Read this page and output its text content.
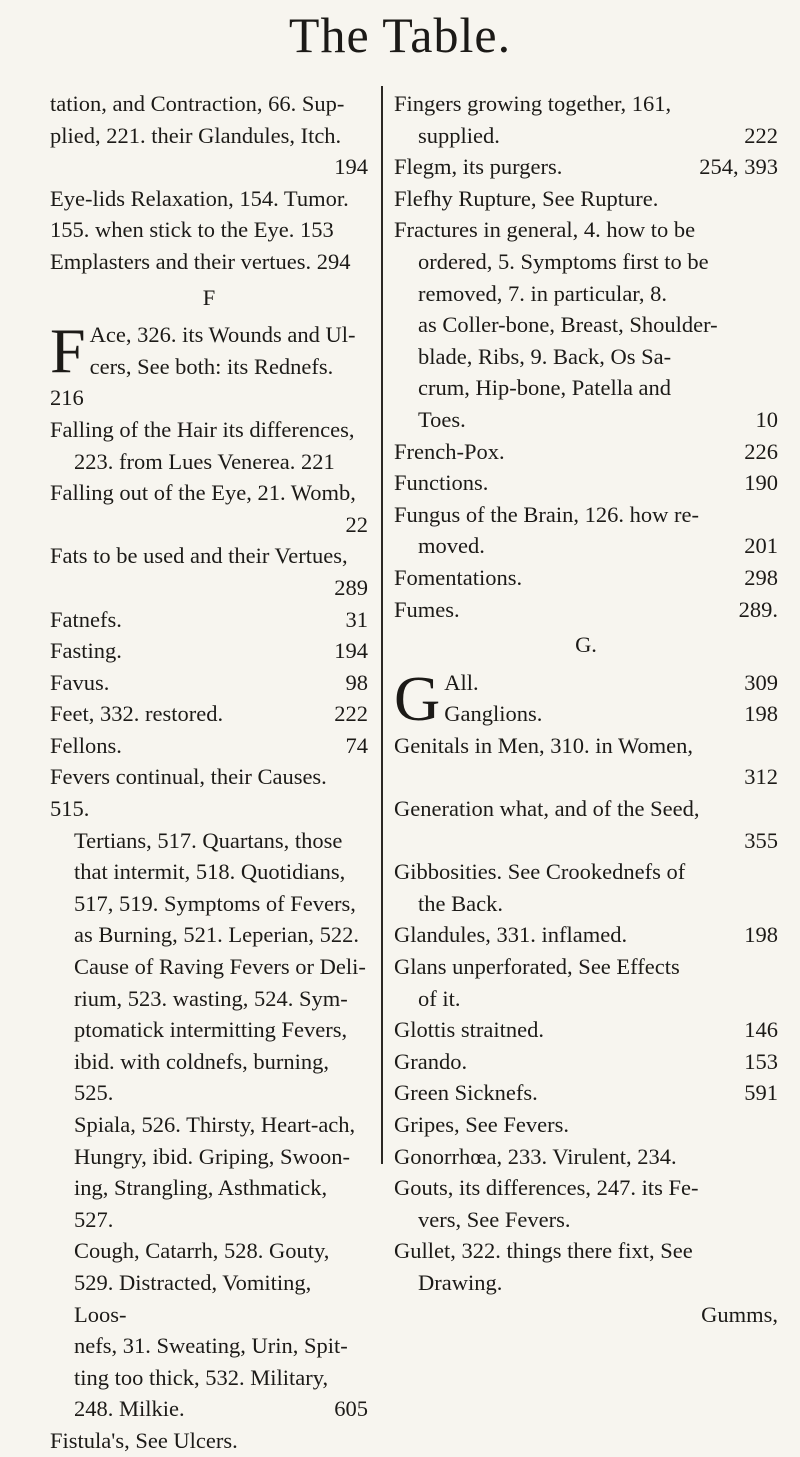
The Table.
tation, and Contraction, 66. Sup-
plied, 221. their Glandules, Itch.
194
Eye-lids Relaxation, 154. Tumor.
155. when stick to the Eye. 153
Emplasters and their vertues. 294
F
F Ace, 326. its Wounds and Ul-
cers, See both: its Rednefs. 216
Falling of the Hair its differences,
223. from Lues Venerea. 221
Falling out of the Eye, 21. Womb,
22
Fats to be used and their Vertues,
289
Fatnefs.	31
Fasting.	194
Favus.	98
Feet, 332. restored.	222
Fellons.	74
Fevers continual, their Causes. 515.
Tertians, 517. Quartans, those
that intermit, 518. Quotidians,
517, 519. Symptoms of Fevers,
as Burning, 521. Leperian, 522.
Cause of Raving Fevers or Deli-
rium, 523. wasting, 524. Sym-
ptomatick intermitting Fevers,
ibid. with coldnefs, burning, 525.
Spiala, 526. Thirsty, Heart-ach,
Hungry, ibid. Griping, Swoon-
ing, Strangling, Asthmatick, 527.
Cough, Catarrh, 528. Gouty,
529. Distracted, Vomiting, Loos-
nefs, 31. Sweating, Urin, Spit-
ting too thick, 532. Military,
248. Milkie.	605
Fistula's, See Ulcers.
Fingers growing together, 161,
supplied.	222
Flegm, its purgers.	254, 393
Flefhy Rupture, See Rupture.
Fractures in general, 4. how to be
ordered, 5. Symptoms first to be
removed, 7. in particular, 8.
as Coller-bone, Breast, Shoulder-
blade, Ribs, 9. Back, Os Sa-
crum, Hip-bone, Patella and
Toes.	10
French-Pox.	226
Functions.	190
Fungus of the Brain, 126. how re-
moved.	201
Fomentations.	298
Fumes.	289.
G.
G All.	309
Ganglions.	198
Genitals in Men, 310. in Women,
312
Generation what, and of the Seed,
355
Gibbosities. See Crookednefs of
the Back.
Glandules, 331. inflamed.	198
Glans unperforated, See Effects
of it.
Glottis straitned.	146
Grando.	153
Green Sicknefs.	591
Gripes, See Fevers.
Gonorrhœa, 233. Virulent, 234.
Gouts, its differences, 247. its Fe-
vers, See Fevers.
Gullet, 322. things there fixt, See
Drawing.
Gumms,
